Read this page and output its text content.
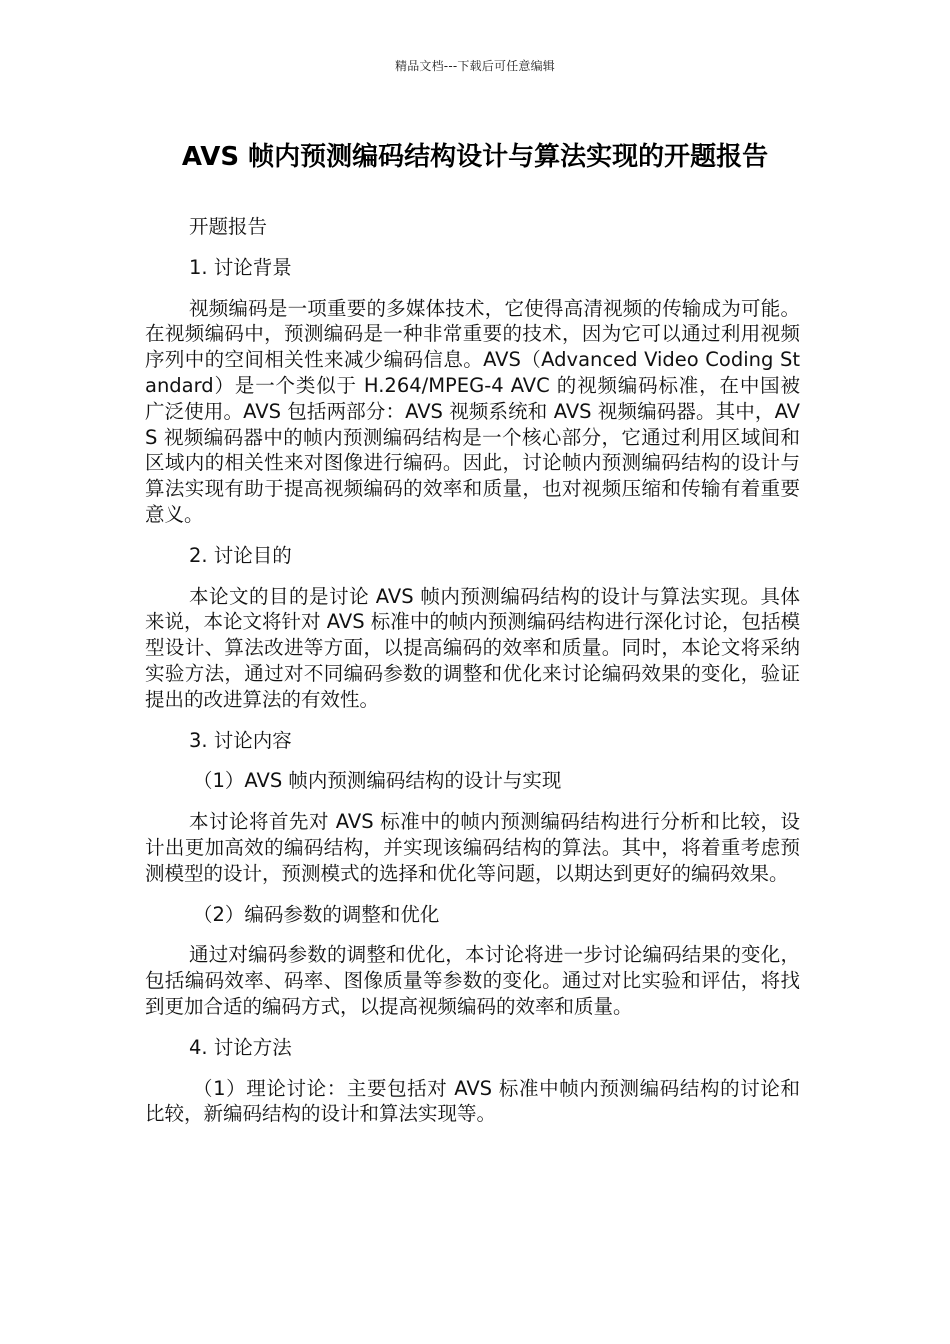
精品文档---下载后可任意编辑
AVS 帧内预测编码结构设计与算法实现的开题报告

开题报告

1. 讨论背景

视频编码是一项重要的多媒体技术，它使得高清视频的传输成为可能。在视频编码中，预测编码是一种非常重要的技术，因为它可以通过利用视频序列中的空间相关性来减少编码信息。AVS（Advanced Video Coding Standard）是一个类似于 H.264/MPEG-4 AVC 的视频编码标准，在中国被广泛使用。AVS 包括两部分：AVS 视频系统和 AVS 视频编码器。其中，AVS 视频编码器中的帧内预测编码结构是一个核心部分，它通过利用区域间和区域内的相关性来对图像进行编码。因此，讨论帧内预测编码结构的设计与算法实现有助于提高视频编码的效率和质量，也对视频压缩和传输有着重要意义。

2. 讨论目的

本论文的目的是讨论 AVS 帧内预测编码结构的设计与算法实现。具体来说，本论文将针对 AVS 标准中的帧内预测编码结构进行深化讨论，包括模型设计、算法改进等方面，以提高编码的效率和质量。同时，本论文将采纳实验方法，通过对不同编码参数的调整和优化来讨论编码效果的变化，验证提出的改进算法的有效性。

3. 讨论内容

（1）AVS 帧内预测编码结构的设计与实现

本讨论将首先对 AVS 标准中的帧内预测编码结构进行分析和比较，设计出更加高效的编码结构，并实现该编码结构的算法。其中，将着重考虑预测模型的设计，预测模式的选择和优化等问题，以期达到更好的编码效果。

（2）编码参数的调整和优化

通过对编码参数的调整和优化，本讨论将进一步讨论编码结果的变化，包括编码效率、码率、图像质量等参数的变化。通过对比实验和评估，将找到更加合适的编码方式，以提高视频编码的效率和质量。

4. 讨论方法

（1）理论讨论：主要包括对 AVS 标准中帧内预测编码结构的讨论和比较，新编码结构的设计和算法实现等。
